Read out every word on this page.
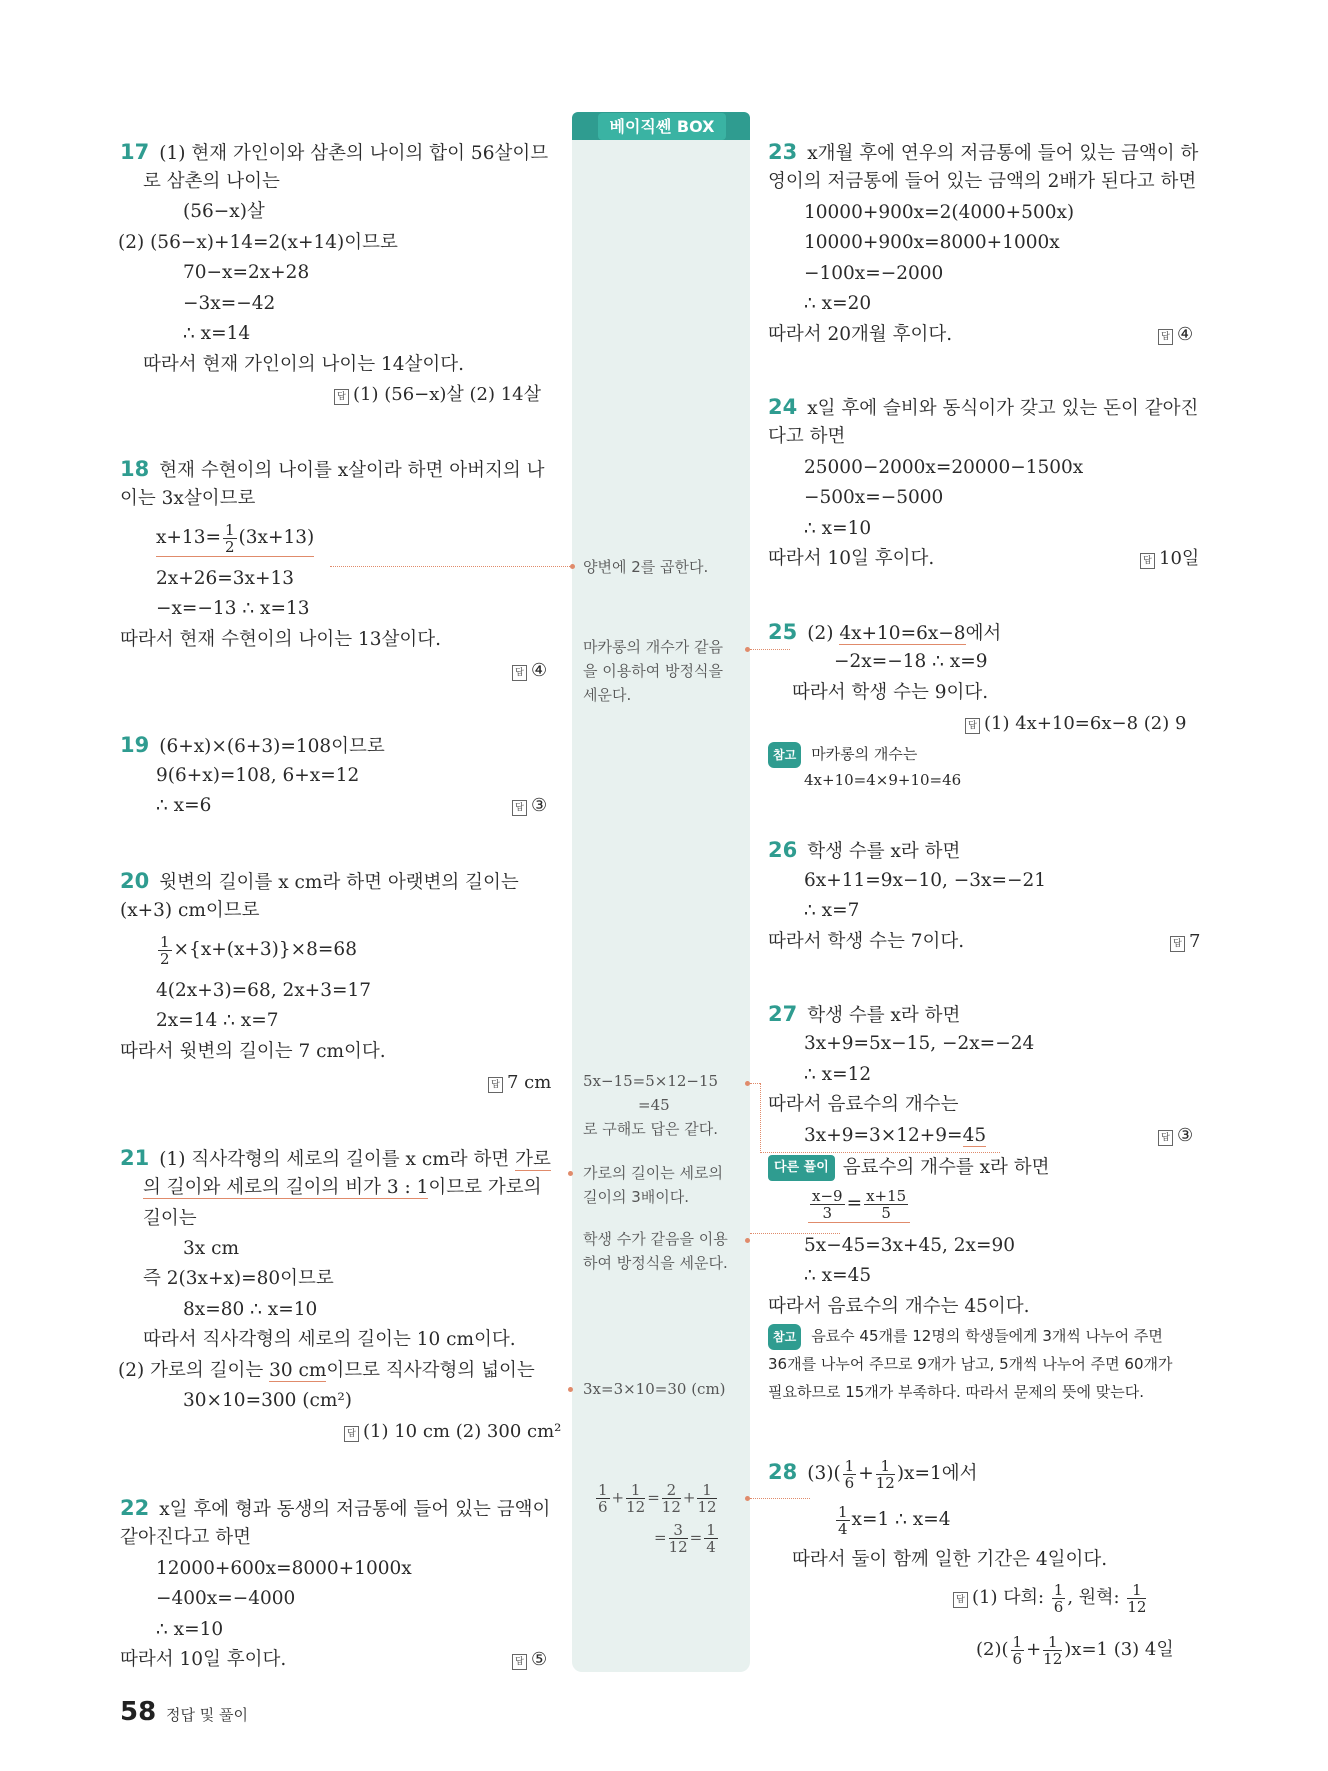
베이직쎈 BOX
17 (1) 현재 가인이와 삼촌의 나이의 합이 56살이므
로 삼촌의 나이는
(56−x)살
(2) (56−x)+14=2(x+14)이므로
70−x=2x+28
−3x=−42
∴ x=14
따라서 현재 가인이의 나이는 14살이다.
답 (1) (56−x)살 (2) 14살
18 현재 수현이의 나이를 x살이라 하면 아버지의 나
이는 3x살이므로
$x+13= \frac{1}{2} (3x+13)$
2x+26=3x+13
−x=−13 ∴ x=13
따라서 현재 수현이의 나이는 13살이다.
답 ④
19 (6+x)×(6+3)=108이므로
9(6+x)=108, 6+x=12
∴ x=6	답 ③
20 윗변의 길이를 x cm라 하면 아랫변의 길이는
(x+3) cm이므로
$\frac{1}{2} \times\{x+(x+3)\}\times 8=68$
4(2x+3)=68, 2x+3=17
2x=14 ∴ x=7
따라서 윗변의 길이는 7 cm이다.
답 7 cm
21 (1) 직사각형의 세로의 길이를 x cm라 하면 가로
의 길이와 세로의 길이의 비가 3 : 1이므로 가로의
길이는
3x cm
즉 2(3x+x)=80이므로
8x=80 ∴ x=10
따라서 직사각형의 세로의 길이는 10 cm이다.
(2) 가로의 길이는 30 cm이므로 직사각형의 넓이는
30×10=300 (cm²)
답 (1) 10 cm (2) 300 cm²
22 x일 후에 형과 동생의 저금통에 들어 있는 금액이
같아진다고 하면
12000+600x=8000+1000x
−400x=−4000
∴ x=10
따라서 10일 후이다.	답 ⑤
양변에 2를 곱한다.
마카롱의 개수가 같음
을 이용하여 방정식을
세운다.
5x−15=5×12−15
=45
로 구해도 답은 같다.
가로의 길이는 세로의
길이의 3배이다.
학생 수가 같음을 이용
하여 방정식을 세운다.
3x=3×10=30 (cm)
$\frac{1}{6} + \frac{1}{12} = \frac{2}{12} + \frac{1}{12}$
= $\frac{3}{12} = \frac{1}{4}$
23 x개월 후에 연우의 저금통에 들어 있는 금액이 하
영이의 저금통에 들어 있는 금액의 2배가 된다고 하면
10000+900x=2(4000+500x)
10000+900x=8000+1000x
−100x=−2000
∴ x=20
따라서 20개월 후이다.	답 ④
24 x일 후에 슬비와 동식이가 갖고 있는 돈이 같아진
다고 하면
25000−2000x=20000−1500x
−500x=−5000
∴ x=10
따라서 10일 후이다.	답 10일
25 (2) 4x+10=6x−8에서
−2x=−18 ∴ x=9
따라서 학생 수는 9이다.
답 (1) 4x+10=6x−8 (2) 9
참고 마카롱의 개수는
4x+10=4×9+10=46
26 학생 수를 x라 하면
6x+11=9x−10, −3x=−21
∴ x=7
따라서 학생 수는 7이다.	답 7
27 학생 수를 x라 하면
3x+9=5x−15, −2x=−24
∴ x=12
따라서 음료수의 개수는
3x+9=3×12+9=45	답 ③
다른 풀이 음료수의 개수를 x라 하면
$\frac{x-9}{3} = \frac{x+15}{5}$
5x−45=3x+45, 2x=90
∴ x=45
따라서 음료수의 개수는 45이다.
참고 음료수 45개를 12명의 학생들에게 3개씩 나누어 주면
36개를 나누어 주므로 9개가 남고, 5개씩 나누어 주면 60개가
필요하므로 15개가 부족하다. 따라서 문제의 뜻에 맞는다.
28 $(3)( \frac{1}{6} + \frac{1}{12} )x=1$에서
$\frac{1}{4} x=1$ ∴ x=4
따라서 둘이 함께 일한 기간은 4일이다.
답 (1) 다희: $\frac{1}{6}$ , 원혁: $\frac{1}{12}$
$(2)( \frac{1}{6} + \frac{1}{12} )x=1$ (3) 4일
58 정답 및 풀이
